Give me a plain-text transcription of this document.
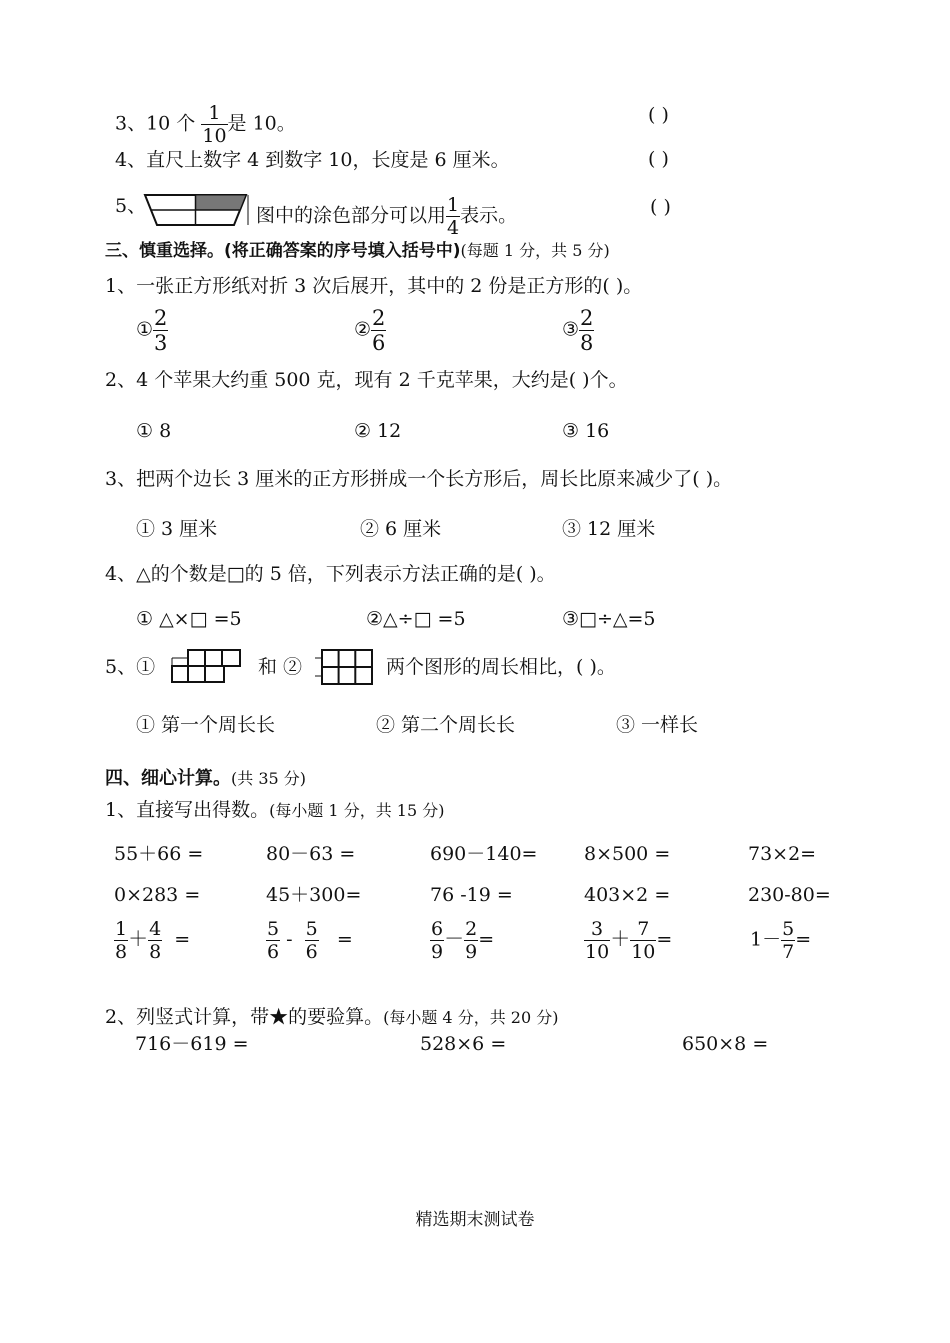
3、10 个 $\frac{1}{10}$ 是 10。	( )
4、直尺上数字 4 到数字 10，长度是 6 厘米。	( )
5、	图中的涂色部分可以用 $\frac{1}{4}$ 表示。	( )
三、慎重选择。(将正确答案的序号填入括号中)(每题 1 分，共 5 分)
1、一张正方形纸对折 3 次后展开，其中的 2 份是正方形的( )。
① $\frac{2}{3}$	② $\frac{2}{6}$	③ $\frac{2}{8}$
2、4 个苹果大约重 500 克，现有 2 千克苹果，大约是( )个。
① 8	② 12	③ 16
3、把两个边长 3 厘米的正方形拼成一个长方形后，周长比原来减少了( )。
① 3 厘米	② 6 厘米	③ 12 厘米
4、△的个数是□的 5 倍，下列表示方法正确的是( )。
① △×□ =5	②△÷□ =5	③□÷△=5
5、①	和 ②	两个图形的周长相比，( )。
① 第一个周长长	② 第二个周长长	③ 一样长
四、细心计算。(共 35 分)
1、直接写出得数。(每小题 1 分，共 15 分)
55＋66 =	80－63 =	690－140= 8×500 =	73×2=
0×283 =	45＋300=	76 -19 =	403×2 =	230-80=
$\frac{1}{8} + \frac{4}{8}$ =	$\frac{5}{6} - \frac{5}{6}$ =	$\frac{6}{9} - \frac{2}{9}$ =	$\frac{3}{10} + \frac{7}{10}$ =	$1- \frac{5}{7}$ =
2、列竖式计算，带★的要验算。(每小题 4 分，共 20 分)
716－619 =	528×6 =	650×8 =
精选期末测试卷
